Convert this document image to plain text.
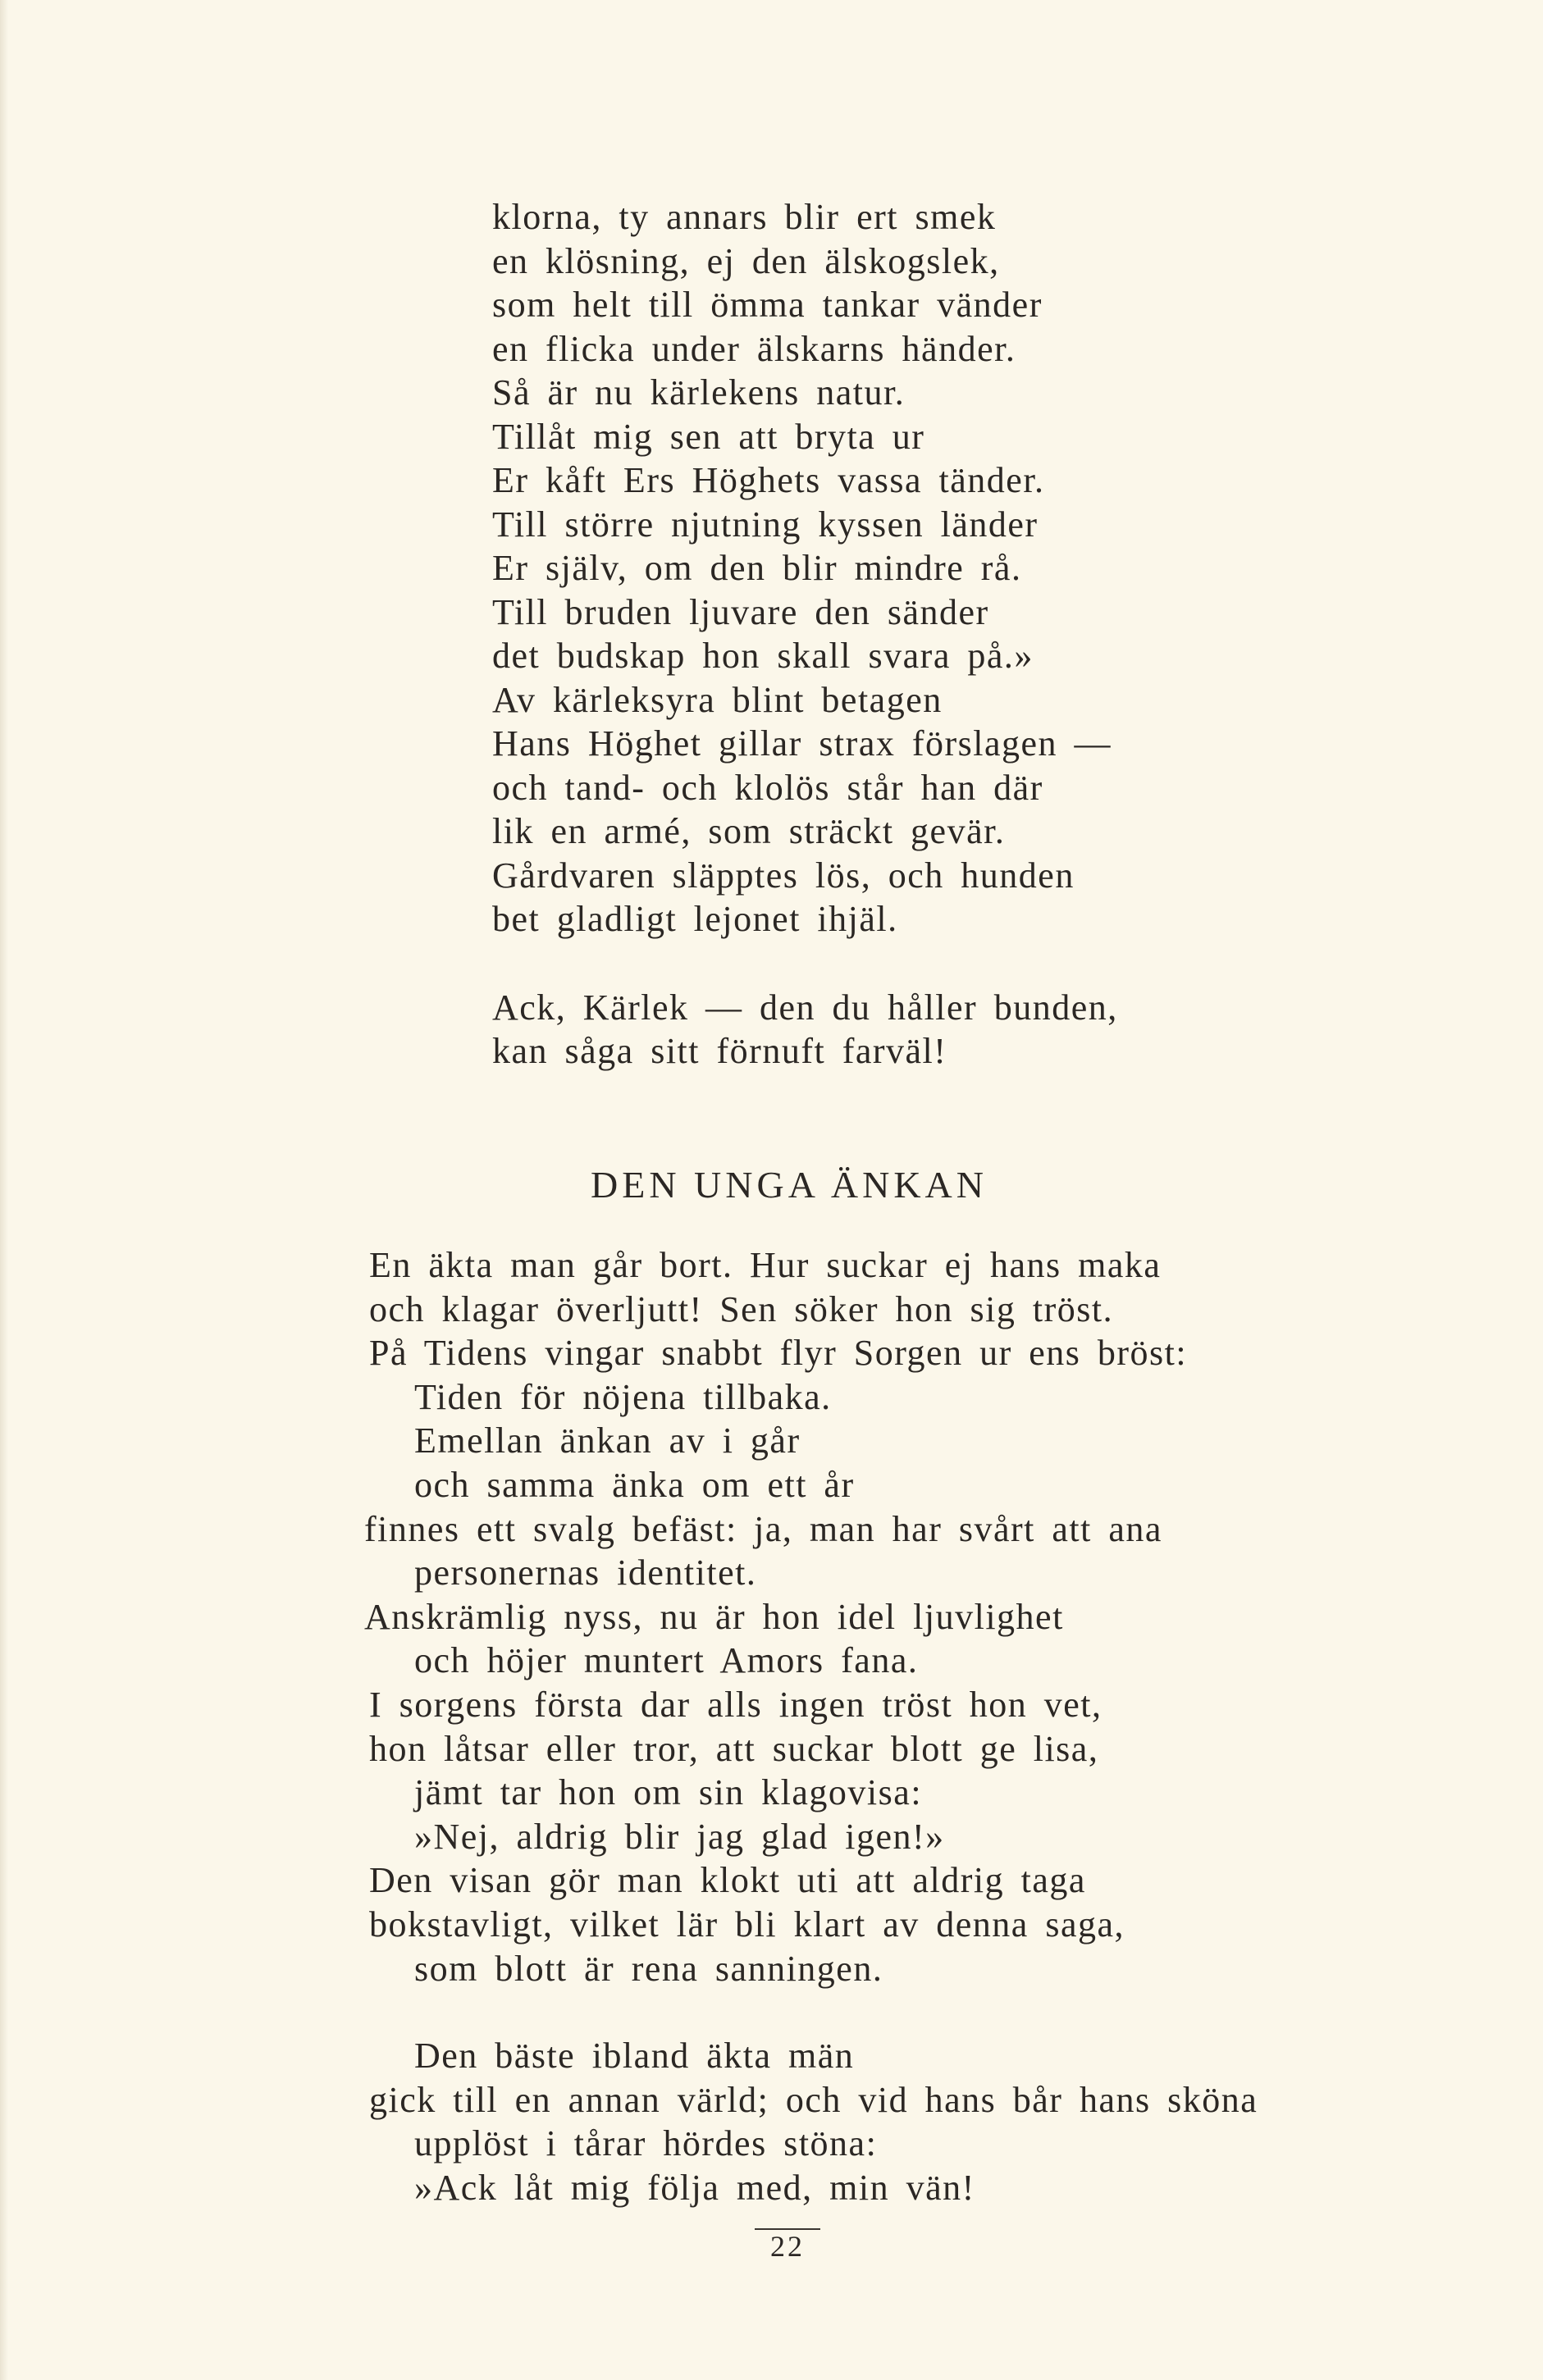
klorna, ty annars blir ert smek
en klösning, ej den älskogslek,
som helt till ömma tankar vänder
en flicka under älskarns händer.
Så är nu kärlekens natur.
Tillåt mig sen att bryta ur
Er kåft Ers Höghets vassa tänder.
Till större njutning kyssen länder
Er själv, om den blir mindre rå.
Till bruden ljuvare den sänder
det budskap hon skall svara på.»
Av kärleksyra blint betagen
Hans Höghet gillar strax förslagen —
och tand- och klolös står han där
lik en armé, som sträckt gevär.
Gårdvaren släpptes lös, och hunden
bet gladligt lejonet ihjäl.
Ack, Kärlek — den du håller bunden,
kan såga sitt förnuft farväl!
DEN UNGA ÄNKAN
En äkta man går bort. Hur suckar ej hans maka
och klagar överljutt! Sen söker hon sig tröst.
På Tidens vingar snabbt flyr Sorgen ur ens bröst:
Tiden för nöjena tillbaka.
Emellan änkan av i går
och samma änka om ett år
finnes ett svalg befäst: ja, man har svårt att ana
personernas identitet.
Anskrämlig nyss, nu är hon idel ljuvlighet
och höjer muntert Amors fana.
I sorgens första dar alls ingen tröst hon vet,
hon låtsar eller tror, att suckar blott ge lisa,
jämt tar hon om sin klagovisa:
»Nej, aldrig blir jag glad igen!»
Den visan gör man klokt uti att aldrig taga
bokstavligt, vilket lär bli klart av denna saga,
som blott är rena sanningen.
Den bäste ibland äkta män
gick till en annan värld; och vid hans bår hans sköna
upplöst i tårar hördes stöna:
»Ack låt mig följa med, min vän!
22
